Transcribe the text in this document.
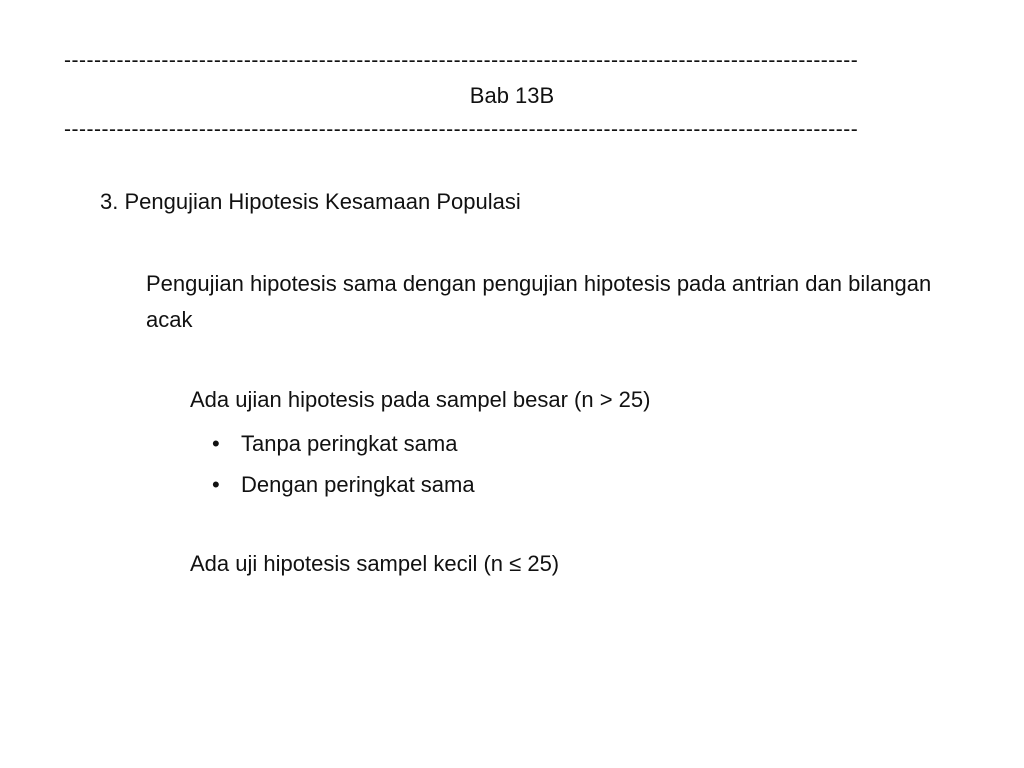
----------------------------------------------------------------------------------------------------------
Bab 13B
----------------------------------------------------------------------------------------------------------
3. Pengujian Hipotesis Kesamaan Populasi
Pengujian hipotesis sama dengan pengujian hipotesis pada antrian dan bilangan acak
Ada ujian hipotesis pada sampel besar (n > 25)
• Tanpa peringkat sama
• Dengan peringkat sama
Ada uji hipotesis sampel kecil (n ≤ 25)
